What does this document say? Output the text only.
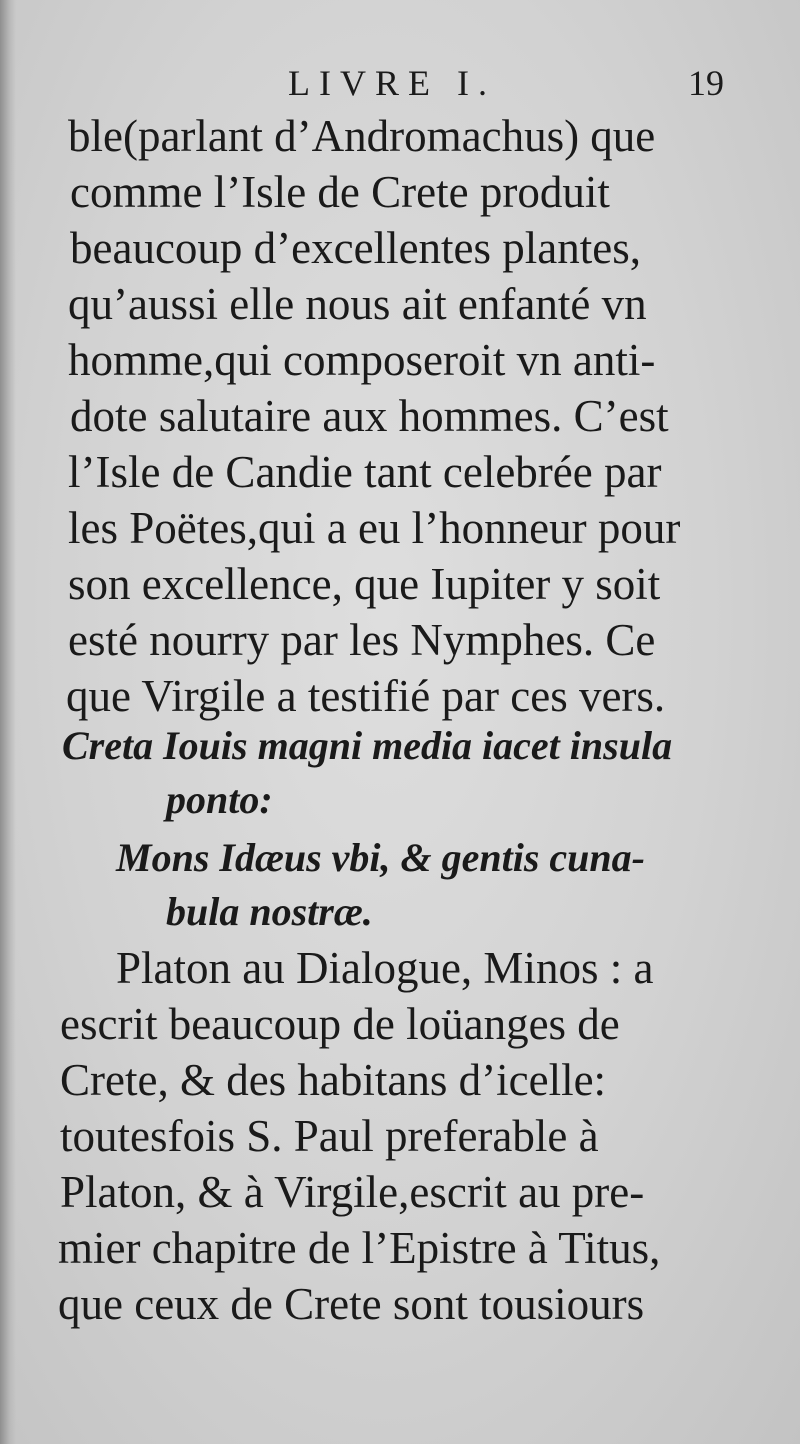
LIVRE I.	19
ble(parlant d’Andromachus) que
comme l’Isle de Crete produit
beaucoup d’excellentes plantes,
qu’aussi elle nous ait enfanté vn
homme,qui composeroit vn anti-
dote salutaire aux hommes. C’est
l’Isle de Candie tant celebrée par
les Poëtes,qui a eu l’honneur pour
son excellence, que Iupiter y soit
esté nourry par les Nymphes. Ce
que Virgile a testifié par ces vers.
Creta Iouis magni media iacet insula
ponto:
Mons Idæus vbi, & gentis cuna-
bula nostræ.
Platon au Dialogue, Minos : a
escrit beaucoup de loüanges de
Crete, & des habitans d’icelle:
toutesfois S. Paul preferable à
Platon, & à Virgile,escrit au pre-
mier chapitre de l’Epistre à Titus,
que ceux de Crete sont tousiours
